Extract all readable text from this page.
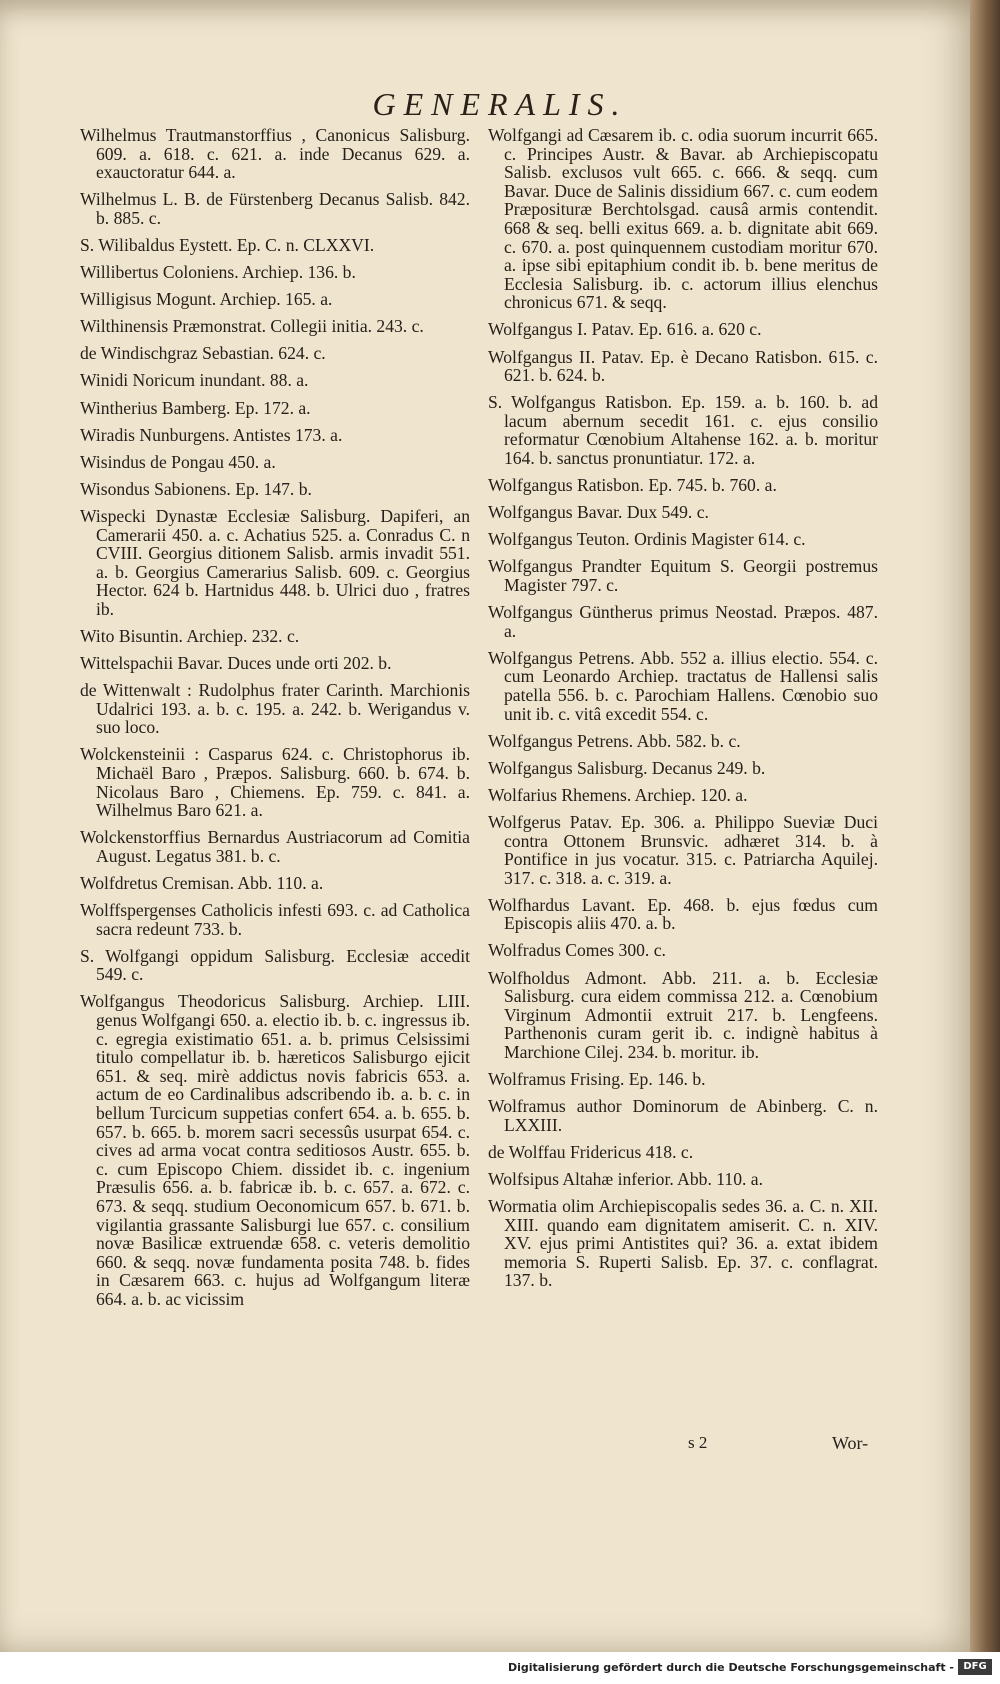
GENERALIS.
Wilhelmus Trautmanstorffius , Canonicus Salisburg. 609. a. 618. c. 621. a. inde Decanus 629. a. exauctoratur 644. a.
Wilhelmus L. B. de Fürstenberg Decanus Salisb. 842. b. 885. c.
S. Wilibaldus Eystett. Ep. C. n. CLXXVI.
Willibertus Coloniens. Archiep. 136. b.
Willigisus Mogunt. Archiep. 165. a.
Wilthinensis Præmonstrat. Collegii initia. 243. c.
de Windischgraz Sebastian. 624. c.
Winidi Noricum inundant. 88. a.
Wintherius Bamberg. Ep. 172. a.
Wiradis Nunburgens. Antistes 173. a.
Wisindus de Pongau 450. a.
Wisondus Sabionens. Ep. 147. b.
Wispecki Dynastæ Ecclesiæ Salisburg. Dapiferi, an Camerarii 450. a. c. Achatius 525. a. Conradus C. n CVIII. Georgius ditionem Salisb. armis invadit 551. a. b. Georgius Camerarius Salisb. 609. c. Georgius Hector. 624 b. Hartnidus 448. b. Ulrici duo , fratres ib.
Wito Bisuntin. Archiep. 232. c.
Wittelspachii Bavar. Duces unde orti 202. b.
de Wittenwalt : Rudolphus frater Carinth. Marchionis Udalrici 193. a. b. c. 195. a. 242. b. Werigandus v. suo loco.
Wolckensteinii : Casparus 624. c. Christophorus ib. Michaël Baro , Præpos. Salisburg. 660. b. 674. b. Nicolaus Baro , Chiemens. Ep. 759. c. 841. a. Wilhelmus Baro 621. a.
Wolckenstorffius Bernardus Austriacorum ad Comitia August. Legatus 381. b. c.
Wolfdretus Cremisan. Abb. 110. a.
Wolffspergenses Catholicis infesti 693. c. ad Catholica sacra redeunt 733. b.
S. Wolfgangi oppidum Salisburg. Ecclesiæ accedit 549. c.
Wolfgangus Theodoricus Salisburg. Archiep. LIII. genus Wolfgangi 650. a. electio ib. b. c. ingressus ib. c. egregia existimatio 651. a. b. primus Celsissimi titulo compellatur ib. b. hæreticos Salisburgo ejicit 651. & seq. mirè addictus novis fabricis 653. a. actum de eo Cardinalibus adscribendo ib. a. b. c. in bellum Turcicum suppetias confert 654. a. b. 655. b. 657. b. 665. b. morem sacri secessûs usurpat 654. c. cives ad arma vocat contra seditiosos Austr. 655. b. c. cum Episcopo Chiem. dissidet ib. c. ingenium Præsulis 656. a. b. fabricæ ib. b. c. 657. a. 672. c. 673. & seqq. studium Oeconomicum 657. b. 671. b. vigilantia grassante Salisburgi lue 657. c. consilium novæ Basilicæ extruendæ 658. c. veteris demolitio 660. & seqq. novæ fundamenta posita 748. b. fides in Cæsarem 663. c. hujus ad Wolfgangum literæ 664. a. b. ac vicissim
Wolfgangi ad Cæsarem ib. c. odia suorum incurrit 665. c. Principes Austr. & Bavar. ab Archiepiscopatu Salisb. exclusos vult 665. c. 666. & seqq. cum Bavar. Duce de Salinis dissidium 667. c. cum eodem Præposituræ Berchtolsgad. causâ armis contendit. 668 & seq. belli exitus 669. a. b. dignitate abit 669. c. 670. a. post quinquennem custodiam moritur 670. a. ipse sibi epitaphium condit ib. b. bene meritus de Ecclesia Salisburg. ib. c. actorum illius elenchus chronicus 671. & seqq.
Wolfgangus I. Patav. Ep. 616. a. 620 c.
Wolfgangus II. Patav. Ep. è Decano Ratisbon. 615. c. 621. b. 624. b.
S. Wolfgangus Ratisbon. Ep. 159. a. b. 160. b. ad lacum abernum secedit 161. c. ejus consilio reformatur Cœnobium Altahense 162. a. b. moritur 164. b. sanctus pronuntiatur. 172. a.
Wolfgangus Ratisbon. Ep. 745. b. 760. a.
Wolfgangus Bavar. Dux 549. c.
Wolfgangus Teuton. Ordinis Magister 614. c.
Wolfgangus Prandter Equitum S. Georgii postremus Magister 797. c.
Wolfgangus Güntherus primus Neostad. Præpos. 487. a.
Wolfgangus Petrens. Abb. 552 a. illius electio. 554. c. cum Leonardo Archiep. tractatus de Hallensi salis patella 556. b. c. Parochiam Hallens. Cœnobio suo unit ib. c. vitâ excedit 554. c.
Wolfgangus Petrens. Abb. 582. b. c.
Wolfgangus Salisburg. Decanus 249. b.
Wolfarius Rhemens. Archiep. 120. a.
Wolfgerus Patav. Ep. 306. a. Philippo Sueviæ Duci contra Ottonem Brunsvic. adhæret 314. b. à Pontifice in jus vocatur. 315. c. Patriarcha Aquilej. 317. c. 318. a. c. 319. a.
Wolfhardus Lavant. Ep. 468. b. ejus fœdus cum Episcopis aliis 470. a. b.
Wolfradus Comes 300. c.
Wolfholdus Admont. Abb. 211. a. b. Ecclesiæ Salisburg. cura eidem commissa 212. a. Cœnobium Virginum Admontii extruit 217. b. Lengfeens. Parthenonis curam gerit ib. c. indignè habitus à Marchione Cilej. 234. b. moritur. ib.
Wolframus Frising. Ep. 146. b.
Wolframus author Dominorum de Abinberg. C. n. LXXIII.
de Wolffau Fridericus 418. c.
Wolfsipus Altahæ inferior. Abb. 110. a.
Wormatia olim Archiepiscopalis sedes 36. a. C. n. XII. XIII. quando eam dignitatem amiserit. C. n. XIV. XV. ejus primi Antistites qui? 36. a. extat ibidem memoria S. Ruperti Salisb. Ep. 37. c. conflagrat. 137. b.
s 2	Wor-
Digitalisierung gefördert durch die Deutsche Forschungsgemeinschaft - DFG
